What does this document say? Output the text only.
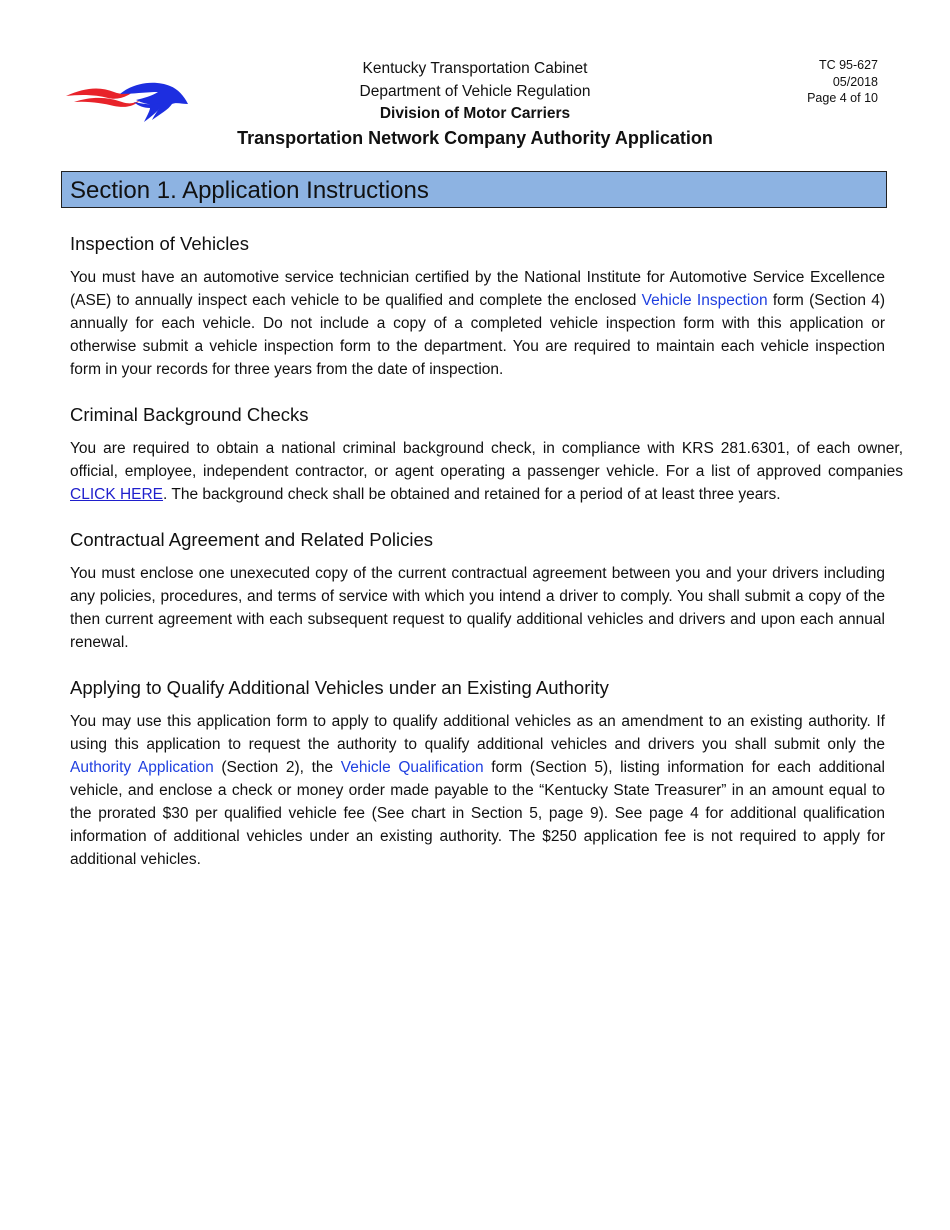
Kentucky Transportation Cabinet
Department of Vehicle Regulation
Division of Motor Carriers
Transportation Network Company Authority Application
TC 95-627
05/2018
Page 4 of 10
Section 1. Application Instructions
Inspection of Vehicles
You must have an automotive service technician certified by the National Institute for Automotive Service Excellence (ASE) to annually inspect each vehicle to be qualified and complete the enclosed Vehicle Inspection form (Section 4) annually for each vehicle. Do not include a copy of a completed vehicle inspection form with this application or otherwise submit a vehicle inspection form to the department. You are required to maintain each vehicle inspection form in your records for three years from the date of inspection.
Criminal Background Checks
You are required to obtain a national criminal background check, in compliance with KRS 281.6301, of each owner, official, employee, independent contractor, or agent operating a passenger vehicle. For a list of approved companies CLICK HERE. The background check shall be obtained and retained for a period of at least three years.
Contractual Agreement and Related Policies
You must enclose one unexecuted copy of the current contractual agreement between you and your drivers including any policies, procedures, and terms of service with which you intend a driver to comply. You shall submit a copy of the then current agreement with each subsequent request to qualify additional vehicles and drivers and upon each annual renewal.
Applying to Qualify Additional Vehicles under an Existing Authority
You may use this application form to apply to qualify additional vehicles as an amendment to an existing authority. If using this application to request the authority to qualify additional vehicles and drivers you shall submit only the Authority Application (Section 2), the Vehicle Qualification form (Section 5), listing information for each additional vehicle, and enclose a check or money order made payable to the “Kentucky State Treasurer” in an amount equal to the prorated $30 per qualified vehicle fee (See chart in Section 5, page 9). See page 4 for additional qualification information of additional vehicles under an existing authority. The $250 application fee is not required to apply for additional vehicles.
